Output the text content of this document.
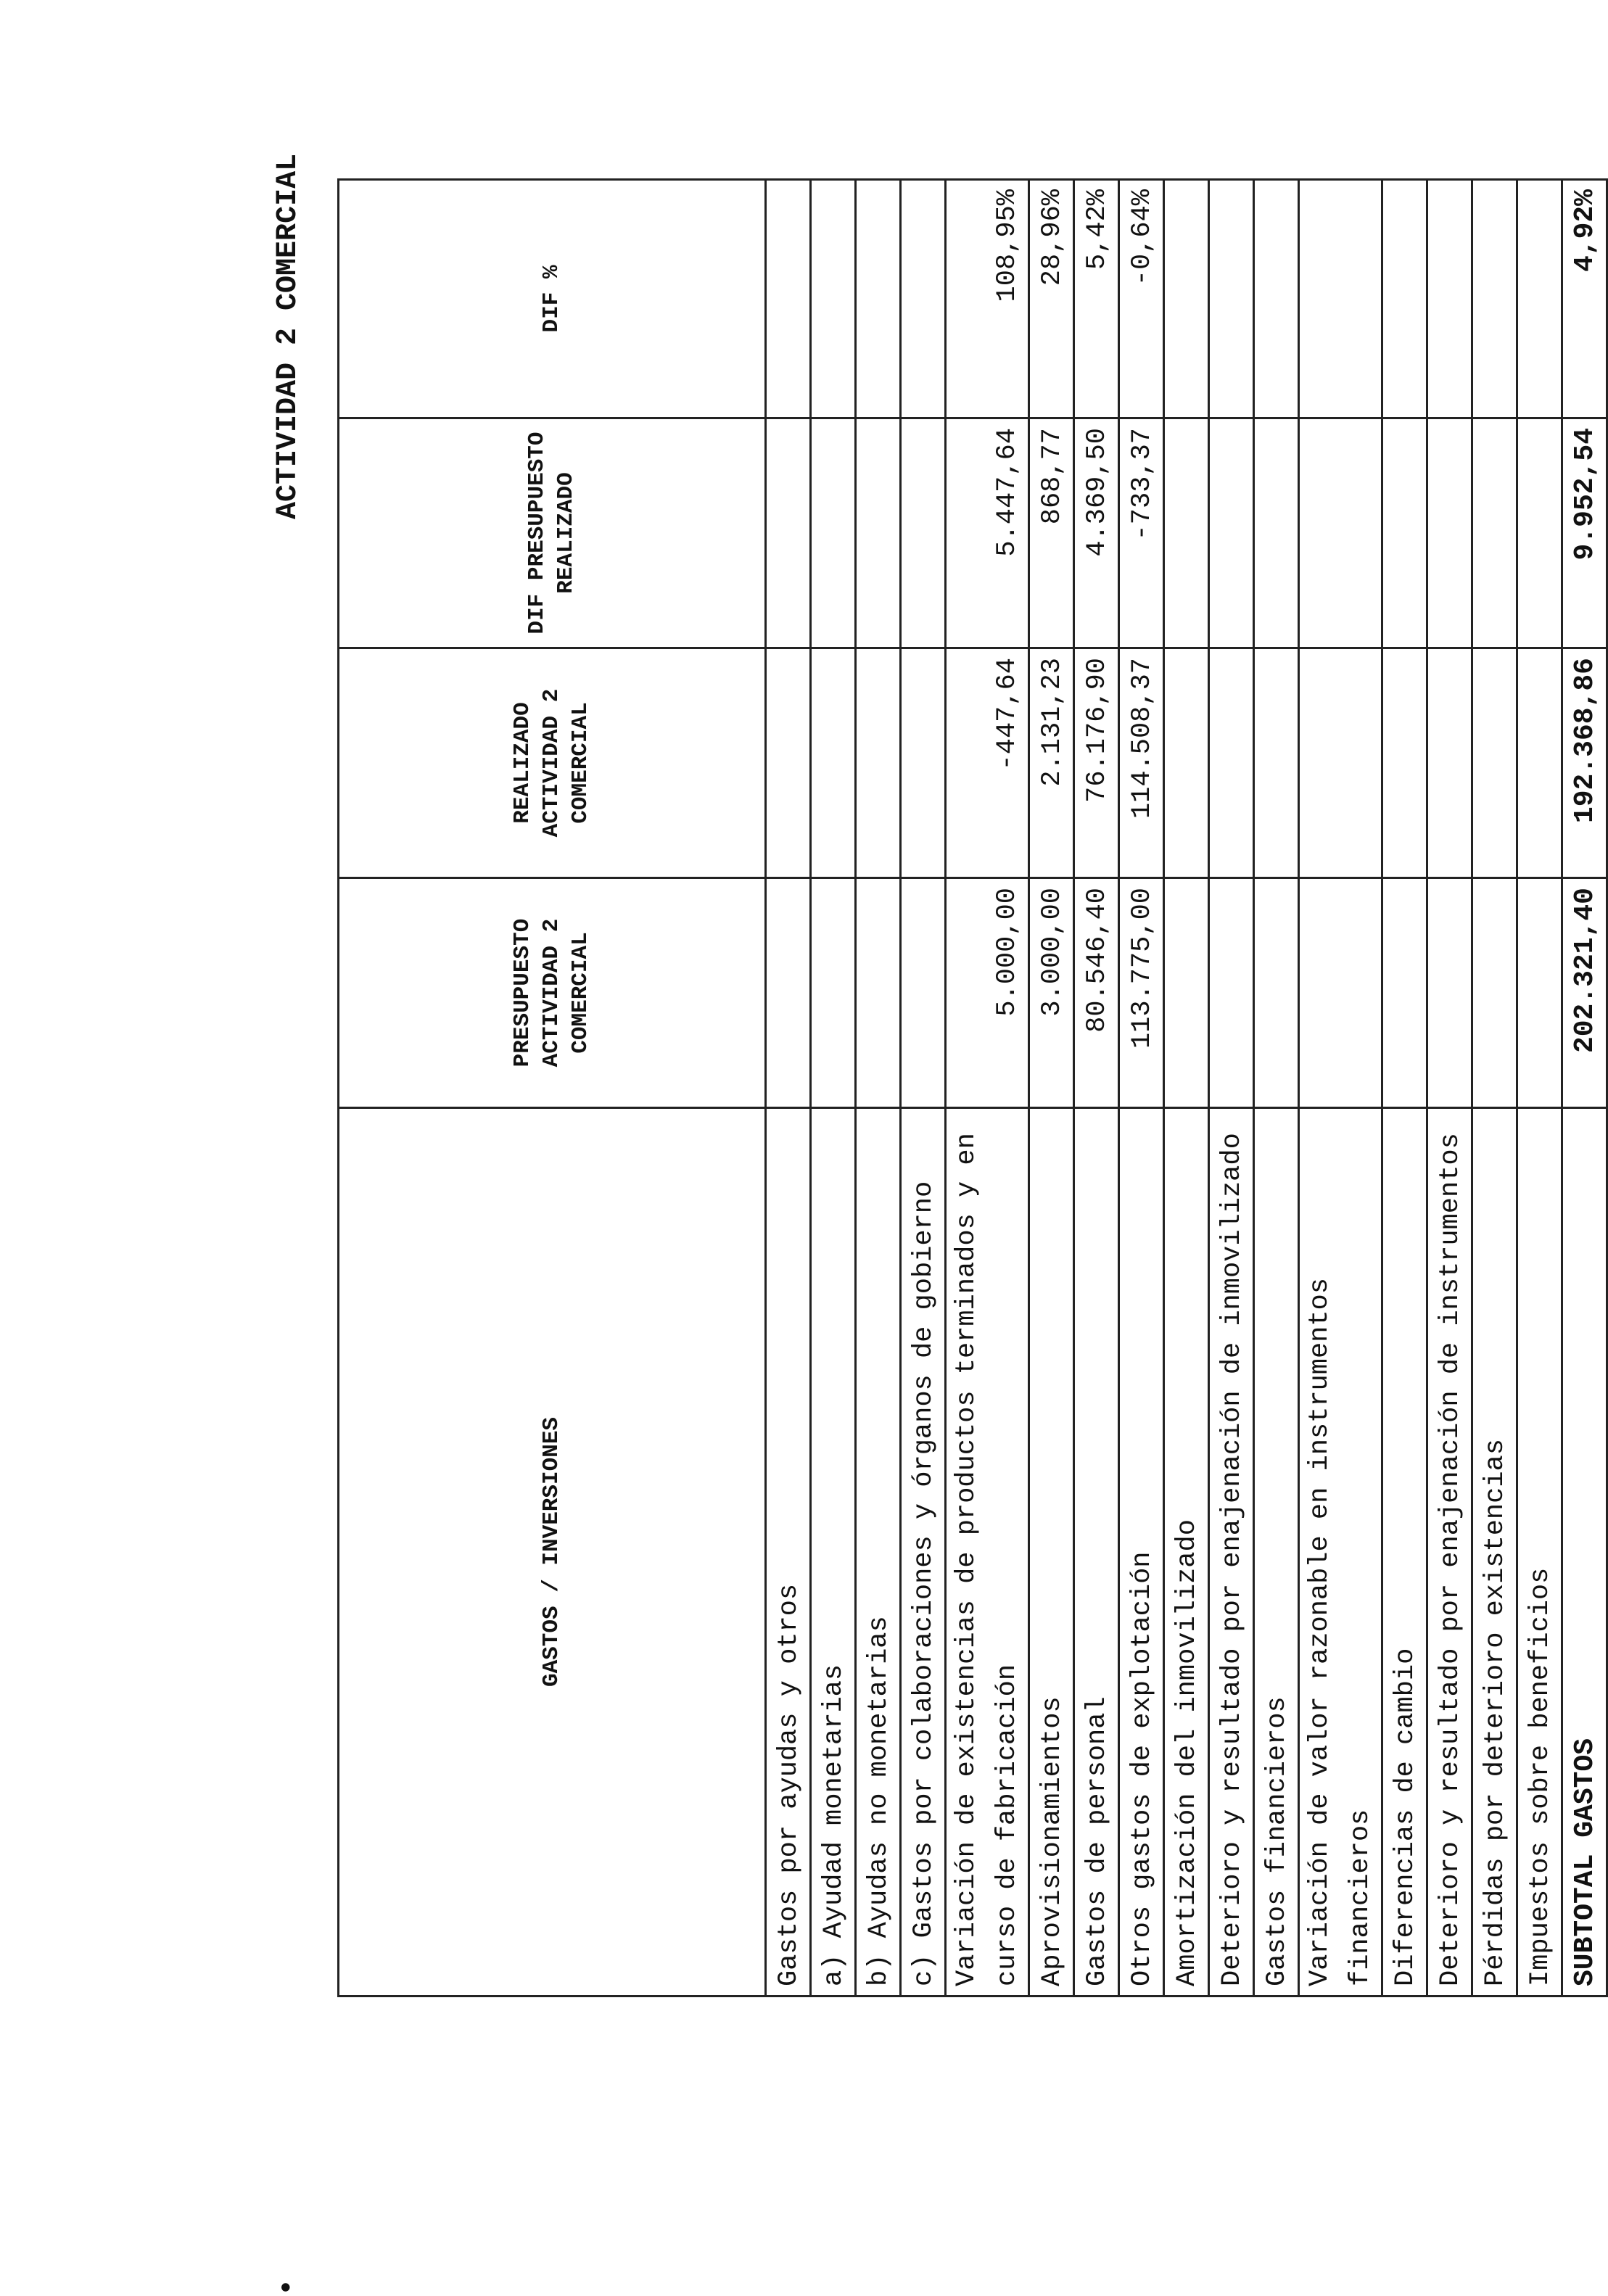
•
ACTIVIDAD 2 COMERCIAL
GASTOS / INVERSIONES	PRESUPUESTO ACTIVIDAD 2 COMERCIAL	REALIZADO ACTIVIDAD 2 COMERCIAL	DIF PRESUPUESTO REALIZADO	DIF %
Gastos por ayudas y otros				
a) Ayudad monetarias				
b) Ayudas no monetarias				
c) Gastos por colaboraciones y órganos de gobierno				
Variación de existencias de productos terminados y en curso de fabricación	5.000,00	-447,64	5.447,64	108,95%
Aprovisionamientos	3.000,00	2.131,23	868,77	28,96%
Gastos de personal	80.546,40	76.176,90	4.369,50	5,42%
Otros gastos de explotación	113.775,00	114.508,37	-733,37	-0,64%
Amortización del inmovilizado				
Deterioro y resultado por enajenación de inmovilizado				
Gastos financieros				
Variación de valor razonable en instrumentos financieros				
Diferencias de cambio				
Deterioro y resultado por enajenación de instrumentos				
Pérdidas por deterioro existencias				
Impuestos sobre beneficios				
SUBTOTAL GASTOS	202.321,40	192.368,86	9.952,54	4,92%
